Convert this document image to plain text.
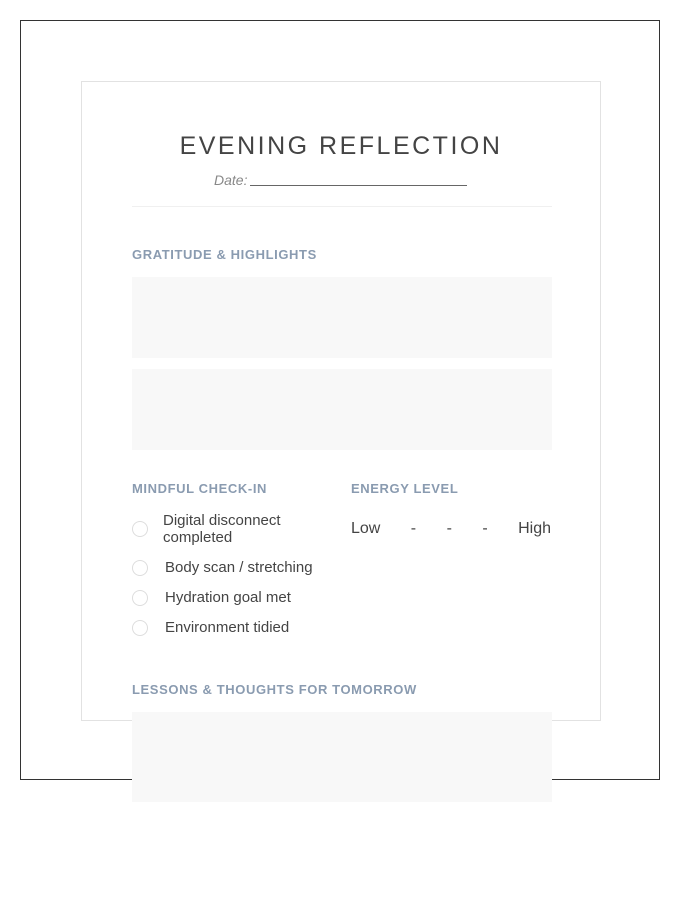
EVENING REFLECTION
Date:
GRATITUDE & HIGHLIGHTS
MINDFUL CHECK-IN	ENERGY LEVEL
Digital disconnect completed
Body scan / stretching
Hydration goal met
Environment tidied
Low - - - High
LESSONS & THOUGHTS FOR TOMORROW
